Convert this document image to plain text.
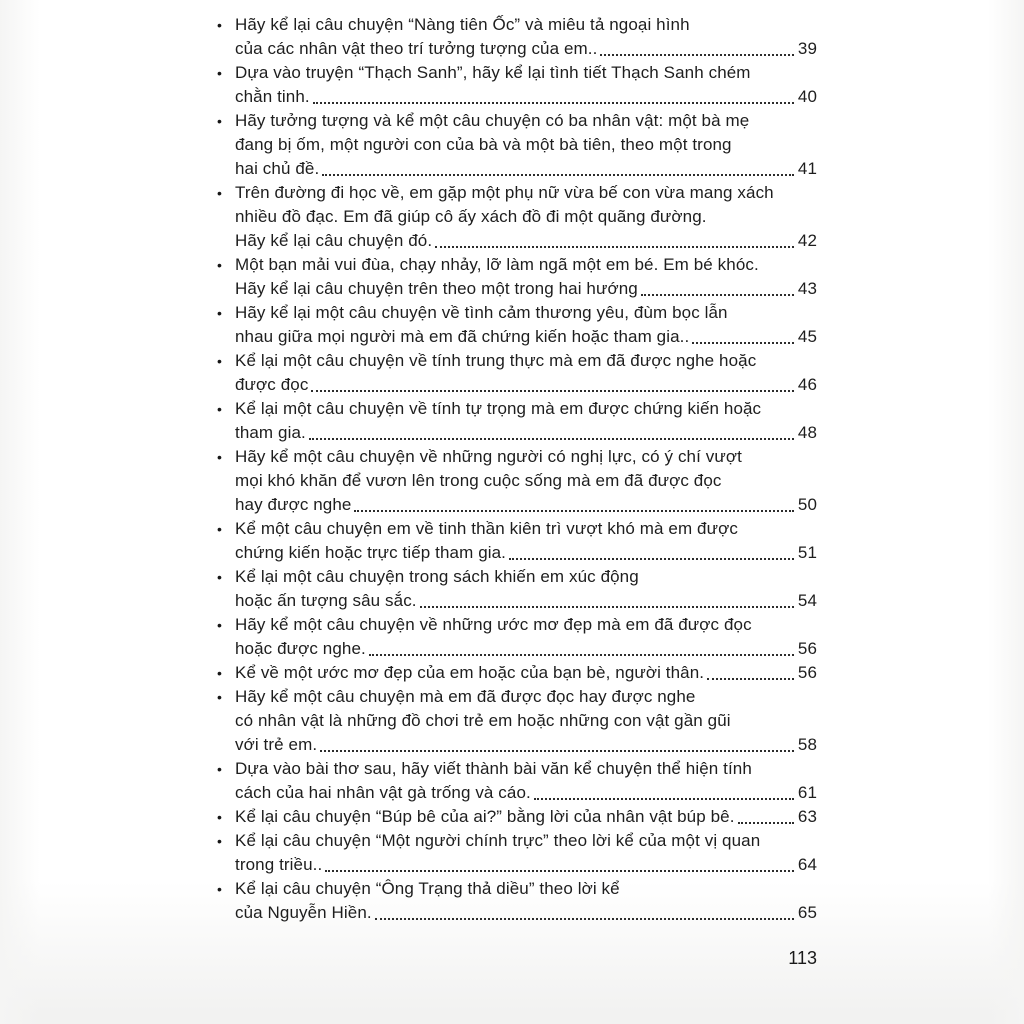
• Hãy kể lại câu chuyện “Nàng tiên Ốc” và miêu tả ngoại hình
của các nhân vật theo trí tưởng tượng của em..	39
• Dựa vào truyện “Thạch Sanh”, hãy kể lại tình tiết Thạch Sanh chém
chằn tinh.	40
• Hãy tưởng tượng và kể một câu chuyện có ba nhân vật: một bà mẹ
đang bị ốm, một người con của bà và một bà tiên, theo một trong
hai chủ đề.	41
• Trên đường đi học về, em gặp một phụ nữ vừa bế con vừa mang xách
nhiều đồ đạc. Em đã giúp cô ấy xách đồ đi một quãng đường.
Hãy kể lại câu chuyện đó.	42
• Một bạn mải vui đùa, chạy nhảy, lỡ làm ngã một em bé. Em bé khóc.
Hãy kể lại câu chuyện trên theo một trong hai hướng	43
• Hãy kể lại một câu chuyện về tình cảm thương yêu, đùm bọc lẫn
nhau giữa mọi người mà em đã chứng kiến hoặc tham gia..	45
• Kể lại một câu chuyện về tính trung thực mà em đã được nghe hoặc
được đọc	46
• Kể lại một câu chuyện về tính tự trọng mà em được chứng kiến hoặc
tham gia.	48
• Hãy kể một câu chuyện về những người có nghị lực, có ý chí vượt
mọi khó khăn để vươn lên trong cuộc sống mà em đã được đọc
hay được nghe	50
• Kể một câu chuyện em về tinh thần kiên trì vượt khó mà em được
chứng kiến hoặc trực tiếp tham gia.	51
• Kể lại một câu chuyện trong sách khiến em xúc động
hoặc ấn tượng sâu sắc.	54
• Hãy kể một câu chuyện về những ước mơ đẹp mà em đã được đọc
hoặc được nghe.	56
• Kể về một ước mơ đẹp của em hoặc của bạn bè, người thân.	56
• Hãy kể một câu chuyện mà em đã được đọc hay được nghe
có nhân vật là những đồ chơi trẻ em hoặc những con vật gần gũi
với trẻ em.	58
• Dựa vào bài thơ sau, hãy viết thành bài văn kể chuyện thể hiện tính
cách của hai nhân vật gà trống và cáo.	61
• Kể lại câu chuyện “Búp bê của ai?” bằng lời của nhân vật búp bê.	63
• Kể lại câu chuyện “Một người chính trực” theo lời kể của một vị quan
trong triều..	64
• Kể lại câu chuyện “Ông Trạng thả diều” theo lời kể
của Nguyễn Hiền.	65
113
